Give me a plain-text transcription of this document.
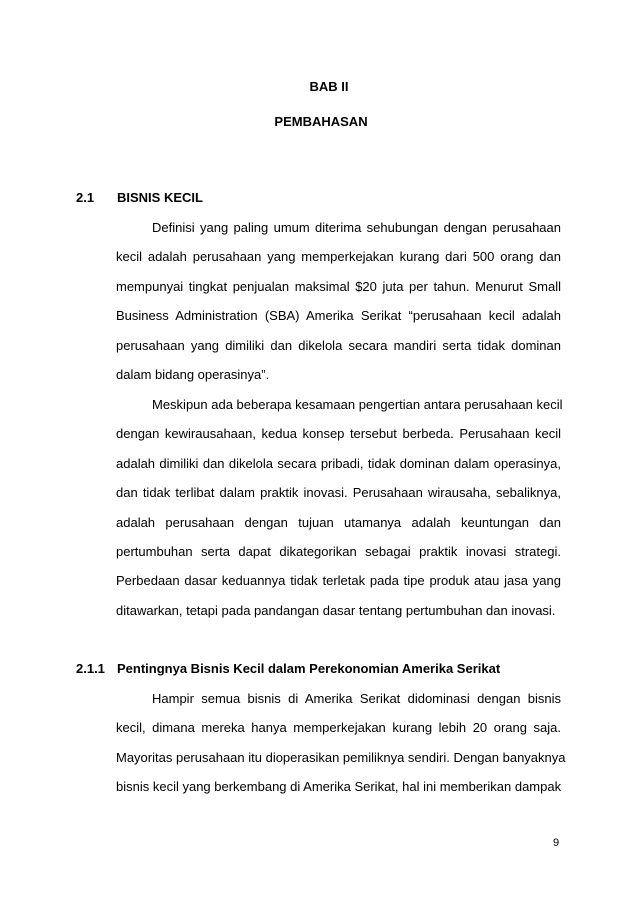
BAB II
PEMBAHASAN
2.1 BISNIS KECIL

Definisi yang paling umum diterima sehubungan dengan perusahaan
kecil adalah perusahaan yang memperkejakan kurang dari 500 orang dan
mempunyai tingkat penjualan maksimal $20 juta per tahun. Menurut Small
Business Administration (SBA) Amerika Serikat “perusahaan kecil adalah
perusahaan yang dimiliki dan dikelola secara mandiri serta tidak dominan
dalam bidang operasinya”.

Meskipun ada beberapa kesamaan pengertian antara perusahaan kecil
dengan kewirausahaan, kedua konsep tersebut berbeda. Perusahaan kecil
adalah dimiliki dan dikelola secara pribadi, tidak dominan dalam operasinya,
dan tidak terlibat dalam praktik inovasi. Perusahaan wirausaha, sebaliknya,
adalah perusahaan dengan tujuan utamanya adalah keuntungan dan
pertumbuhan serta dapat dikategorikan sebagai praktik inovasi strategi.
Perbedaan dasar keduannya tidak terletak pada tipe produk atau jasa yang
ditawarkan, tetapi pada pandangan dasar tentang pertumbuhan dan inovasi.

2.1.1 Pentingnya Bisnis Kecil dalam Perekonomian Amerika Serikat

Hampir semua bisnis di Amerika Serikat didominasi dengan bisnis
kecil, dimana mereka hanya memperkejakan kurang lebih 20 orang saja.
Mayoritas perusahaan itu dioperasikan pemiliknya sendiri. Dengan banyaknya
bisnis kecil yang berkembang di Amerika Serikat, hal ini memberikan dampak

9
